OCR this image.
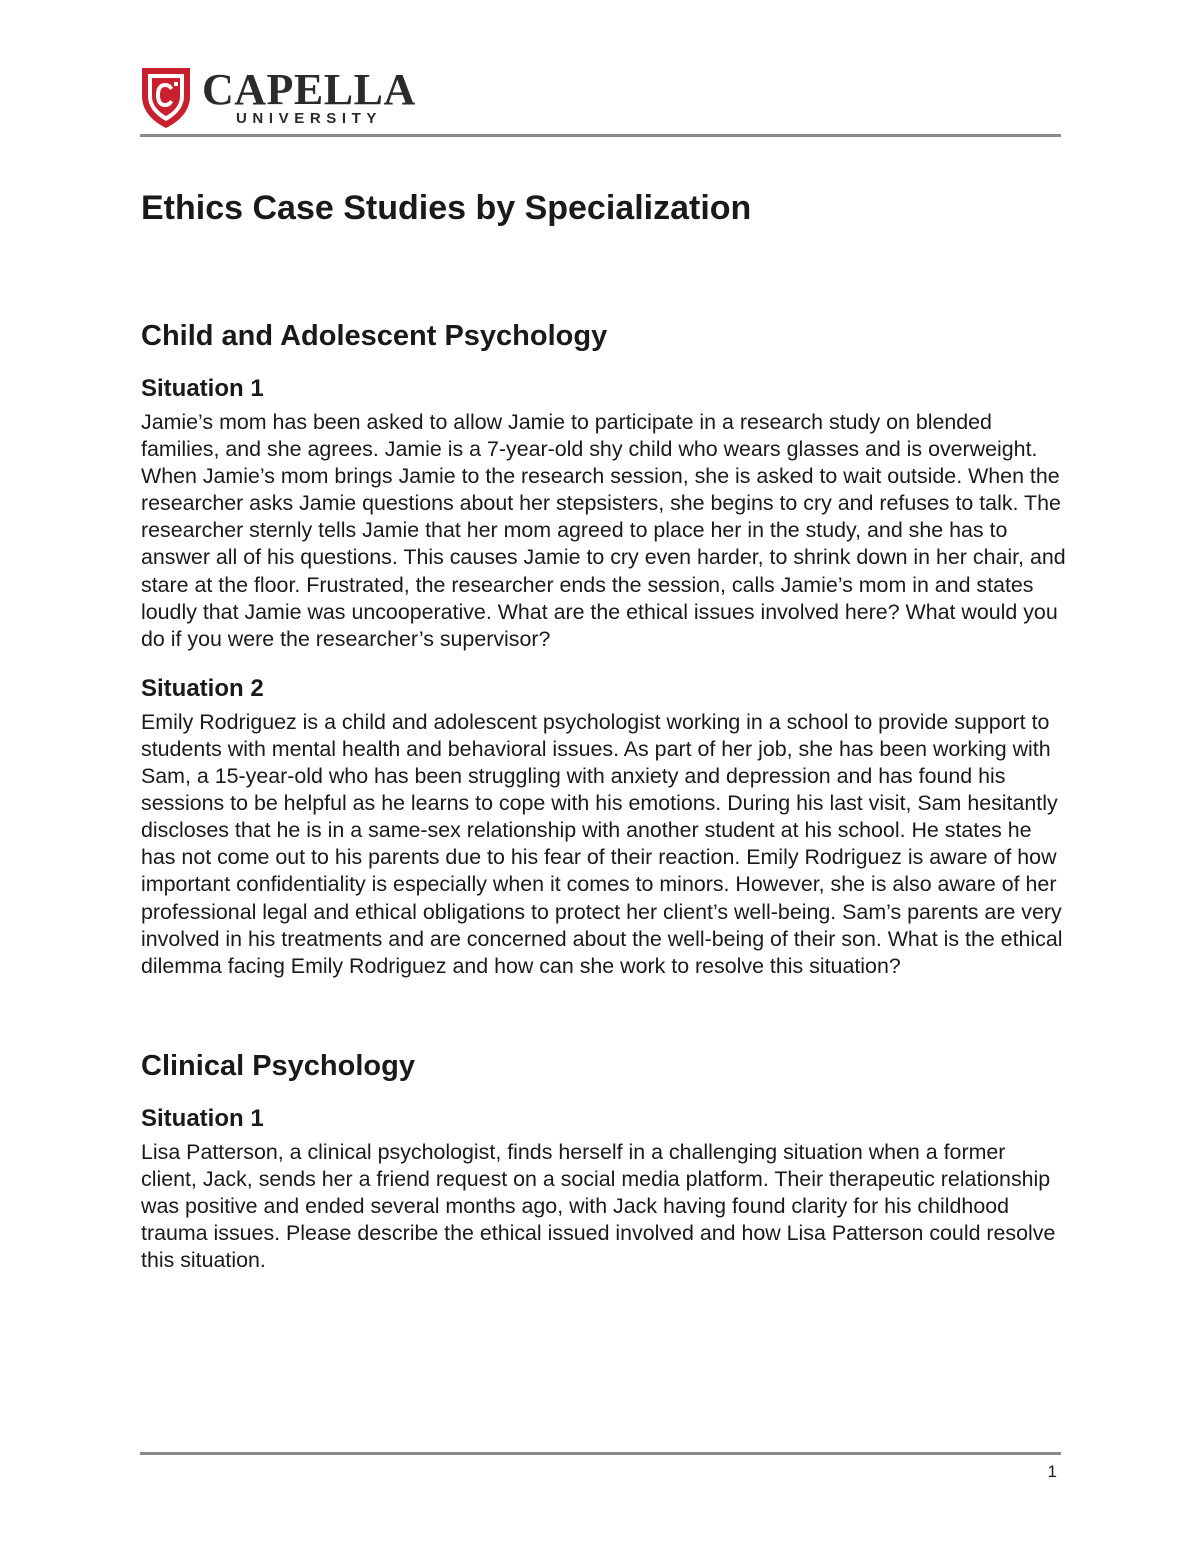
CAPELLA
UNIVERSITY
Ethics Case Studies by Specialization
Child and Adolescent Psychology
Situation 1

Jamie’s mom has been asked to allow Jamie to participate in a research study on blended families, and she agrees. Jamie is a 7-year-old shy child who wears glasses and is overweight. When Jamie’s mom brings Jamie to the research session, she is asked to wait outside. When the researcher asks Jamie questions about her stepsisters, she begins to cry and refuses to talk. The researcher sternly tells Jamie that her mom agreed to place her in the study, and she has to answer all of his questions. This causes Jamie to cry even harder, to shrink down in her chair, and stare at the floor. Frustrated, the researcher ends the session, calls Jamie’s mom in and states loudly that Jamie was uncooperative. What are the ethical issues involved here? What would you do if you were the researcher’s supervisor?

Situation 2

Emily Rodriguez is a child and adolescent psychologist working in a school to provide support to students with mental health and behavioral issues. As part of her job, she has been working with Sam, a 15-year-old who has been struggling with anxiety and depression and has found his sessions to be helpful as he learns to cope with his emotions. During his last visit, Sam hesitantly discloses that he is in a same-sex relationship with another student at his school. He states he has not come out to his parents due to his fear of their reaction. Emily Rodriguez is aware of how important confidentiality is especially when it comes to minors. However, she is also aware of her professional legal and ethical obligations to protect her client’s well-being. Sam’s parents are very involved in his treatments and are concerned about the well-being of their son. What is the ethical dilemma facing Emily Rodriguez and how can she work to resolve this situation?

Clinical Psychology
Situation 1

Lisa Patterson, a clinical psychologist, finds herself in a challenging situation when a former client, Jack, sends her a friend request on a social media platform. Their therapeutic relationship was positive and ended several months ago, with Jack having found clarity for his childhood trauma issues. Please describe the ethical issued involved and how Lisa Patterson could resolve this situation.

1
